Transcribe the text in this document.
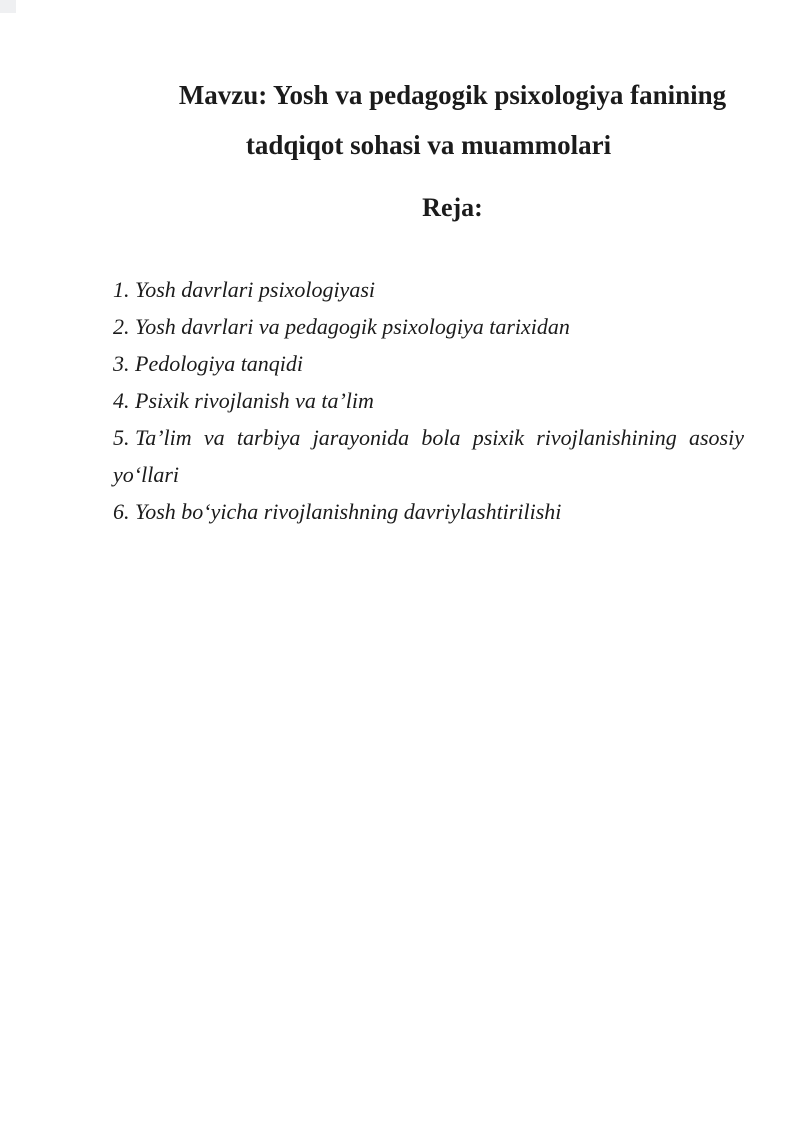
Mavzu: Yosh va pedagogik psixologiya fanining
tadqiqot sohasi va muammolari
Reja:
1. Yosh davrlari psixologiyasi
2. Yosh davrlari va pedagogik psixologiya tarixidan
3. Pedologiya tanqidi
4. Psixik rivojlanish va ta’lim
5. Ta’lim va tarbiya jarayonida bola psixik rivojlanishining asosiy
yoʻllari
6. Yosh boʻyicha rivojlanishning davriylashtirilishi
